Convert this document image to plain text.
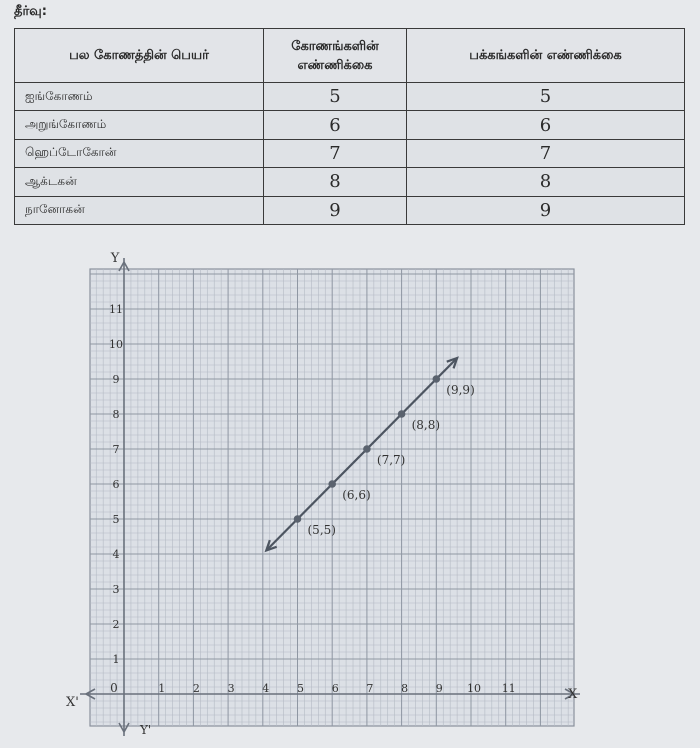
தீர்வு:
பல கோணத்தின் பெயர்	கோணங்களின் எண்ணிக்கை	பக்கங்களின் எண்ணிக்கை
ஐங்கோணம்	5	5
அறுங்கோணம்	6	6
ஹெப்டோகோன்	7	7
ஆக்டகன்	8	8
நானோகன்	9	9
X
X'
Y
Y'
0	1	2	3	4	5	6	7	8	9 10 11
1
2
3
4
5
6
7
8
9
10
11
(5,5)
(6,6)
(7,7)
(8,8)
(9,9)
